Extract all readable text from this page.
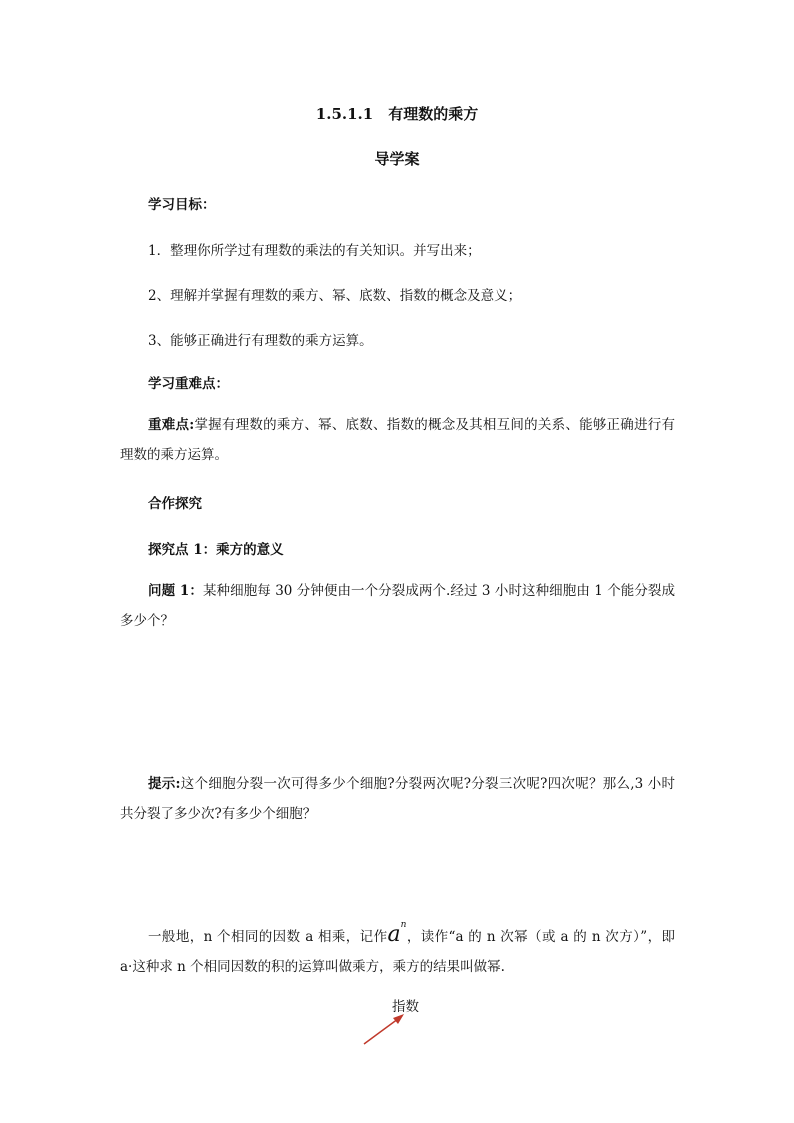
1.5.1.1　有理数的乘方
导学案
学习目标：
1．整理你所学过有理数的乘法的有关知识。并写出来；
2、理解并掌握有理数的乘方、幂、底数、指数的概念及意义；
3、能够正确进行有理数的乘方运算。
学习重难点：
重难点:掌握有理数的乘方、幂、底数、指数的概念及其相互间的关系、能够正确进行有理数的乘方运算。
合作探究
探究点 1：乘方的意义
问题 1：某种细胞每 30 分钟便由一个分裂成两个.经过 3 小时这种细胞由 1 个能分裂成多少个？
提示:这个细胞分裂一次可得多少个细胞?分裂两次呢?分裂三次呢?四次呢？那么,3 小时共分裂了多少次?有多少个细胞？
一般地，n 个相同的因数 a 相乘，记作$a^n$，读作“a 的 n 次幂（或 a 的 n 次方）”，即 a·这种求 n 个相同因数的积的运算叫做乘方，乘方的结果叫做幂.
指数
